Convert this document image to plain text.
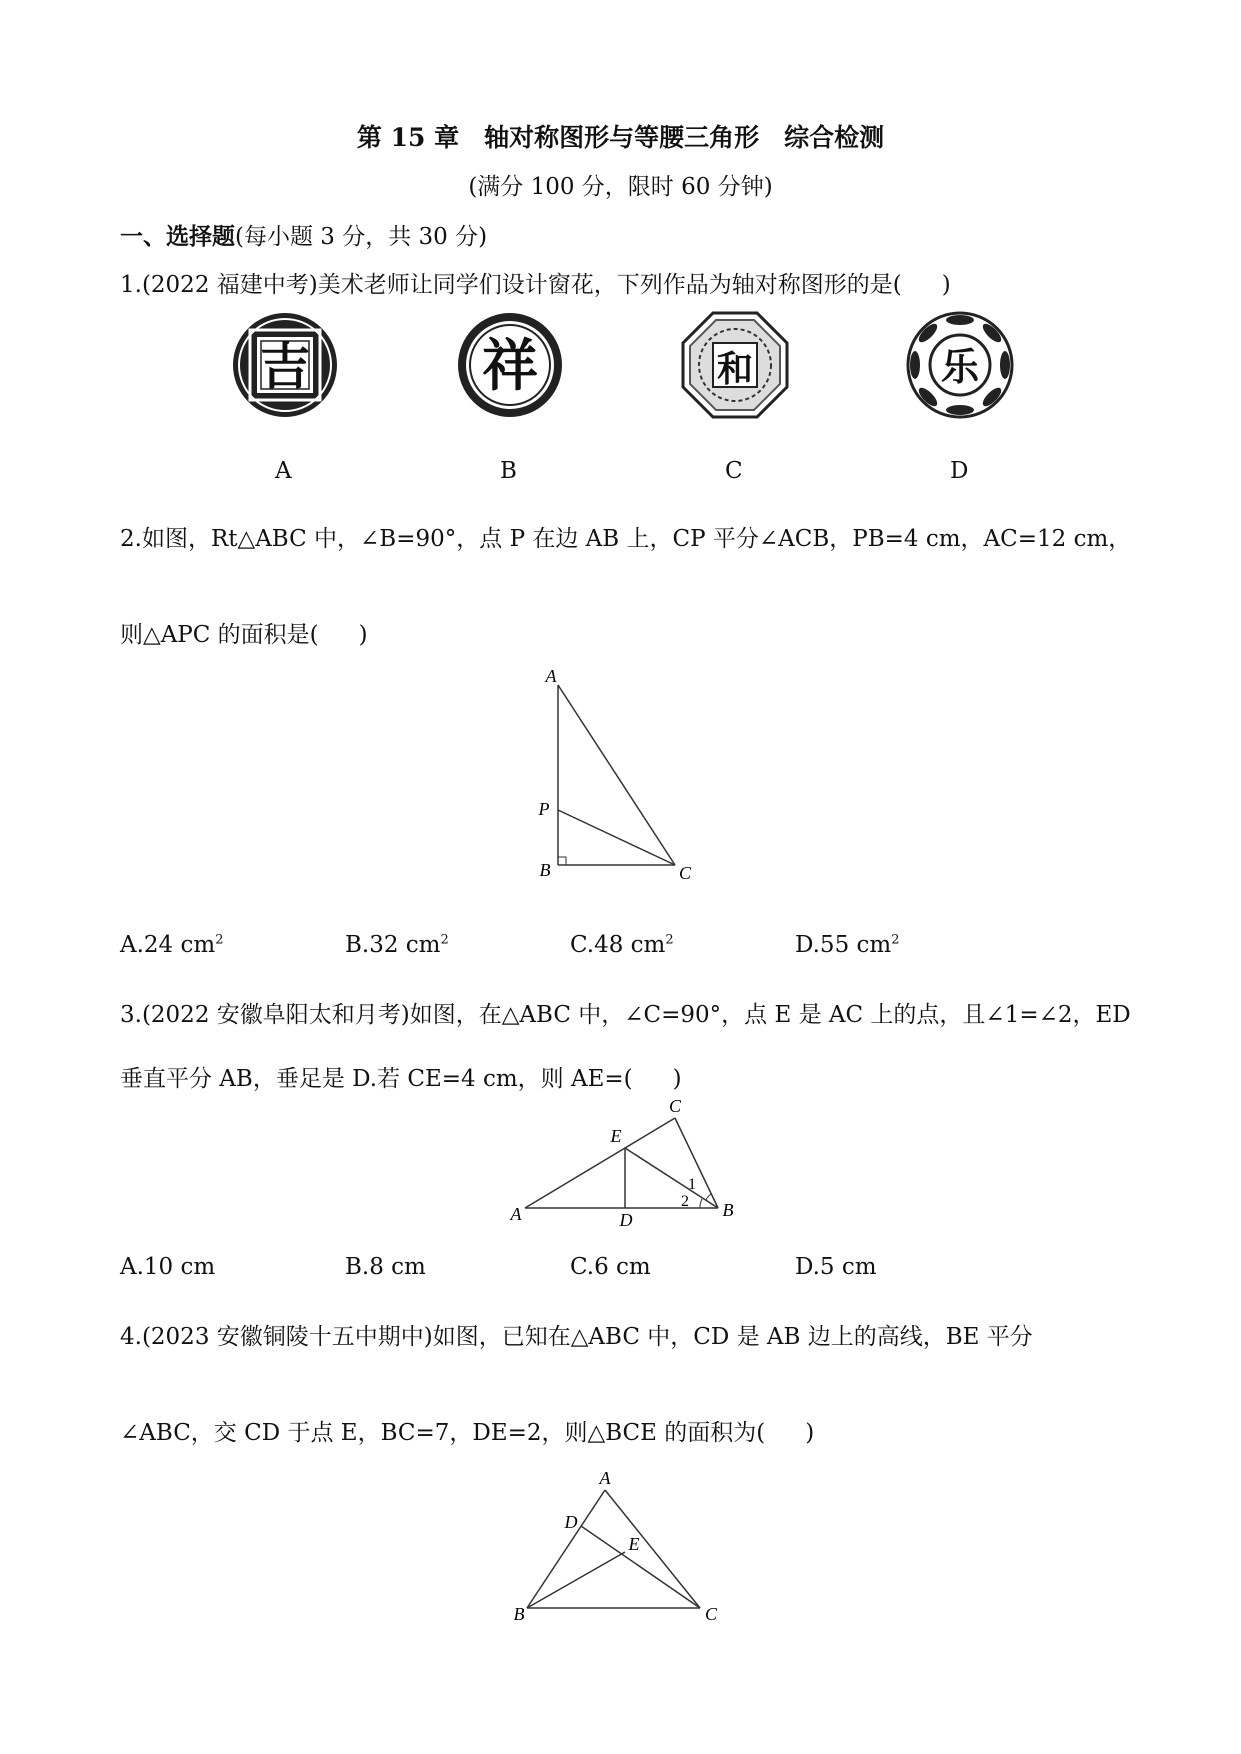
第 15 章　轴对称图形与等腰三角形　综合检测
(满分 100 分，限时 60 分钟)
一、选择题(每小题 3 分，共 30 分)
1.(2022 福建中考)美术老师让同学们设计窗花，下列作品为轴对称图形的是( )
吉	祥	和	乐
A	B	C	D
2.如图，Rt△ABC 中，∠B=90°，点 P 在边 AB 上，CP 平分∠ACB，PB=4 cm，AC=12 cm，
则△APC 的面积是( )
A
P
B	C
A.24 $cm^2$	B.32 $cm^2$	C.48 $cm^2$	D.55 $cm^2$
3.(2022 安徽阜阳太和月考)如图，在△ABC 中，∠C=90°，点 E 是 AC 上的点，且∠1=∠2，ED
垂直平分 AB，垂足是 D.若 CE=4 cm，则 AE=( )
C
E
A	D	B
1
2
A.10 cm	B.8 cm	C.6 cm	D.5 cm
4.(2023 安徽铜陵十五中期中)如图，已知在△ABC 中，CD 是 AB 边上的高线，BE 平分
∠ABC，交 CD 于点 E，BC=7，DE=2，则△BCE 的面积为( )
A
D
E
B	C
